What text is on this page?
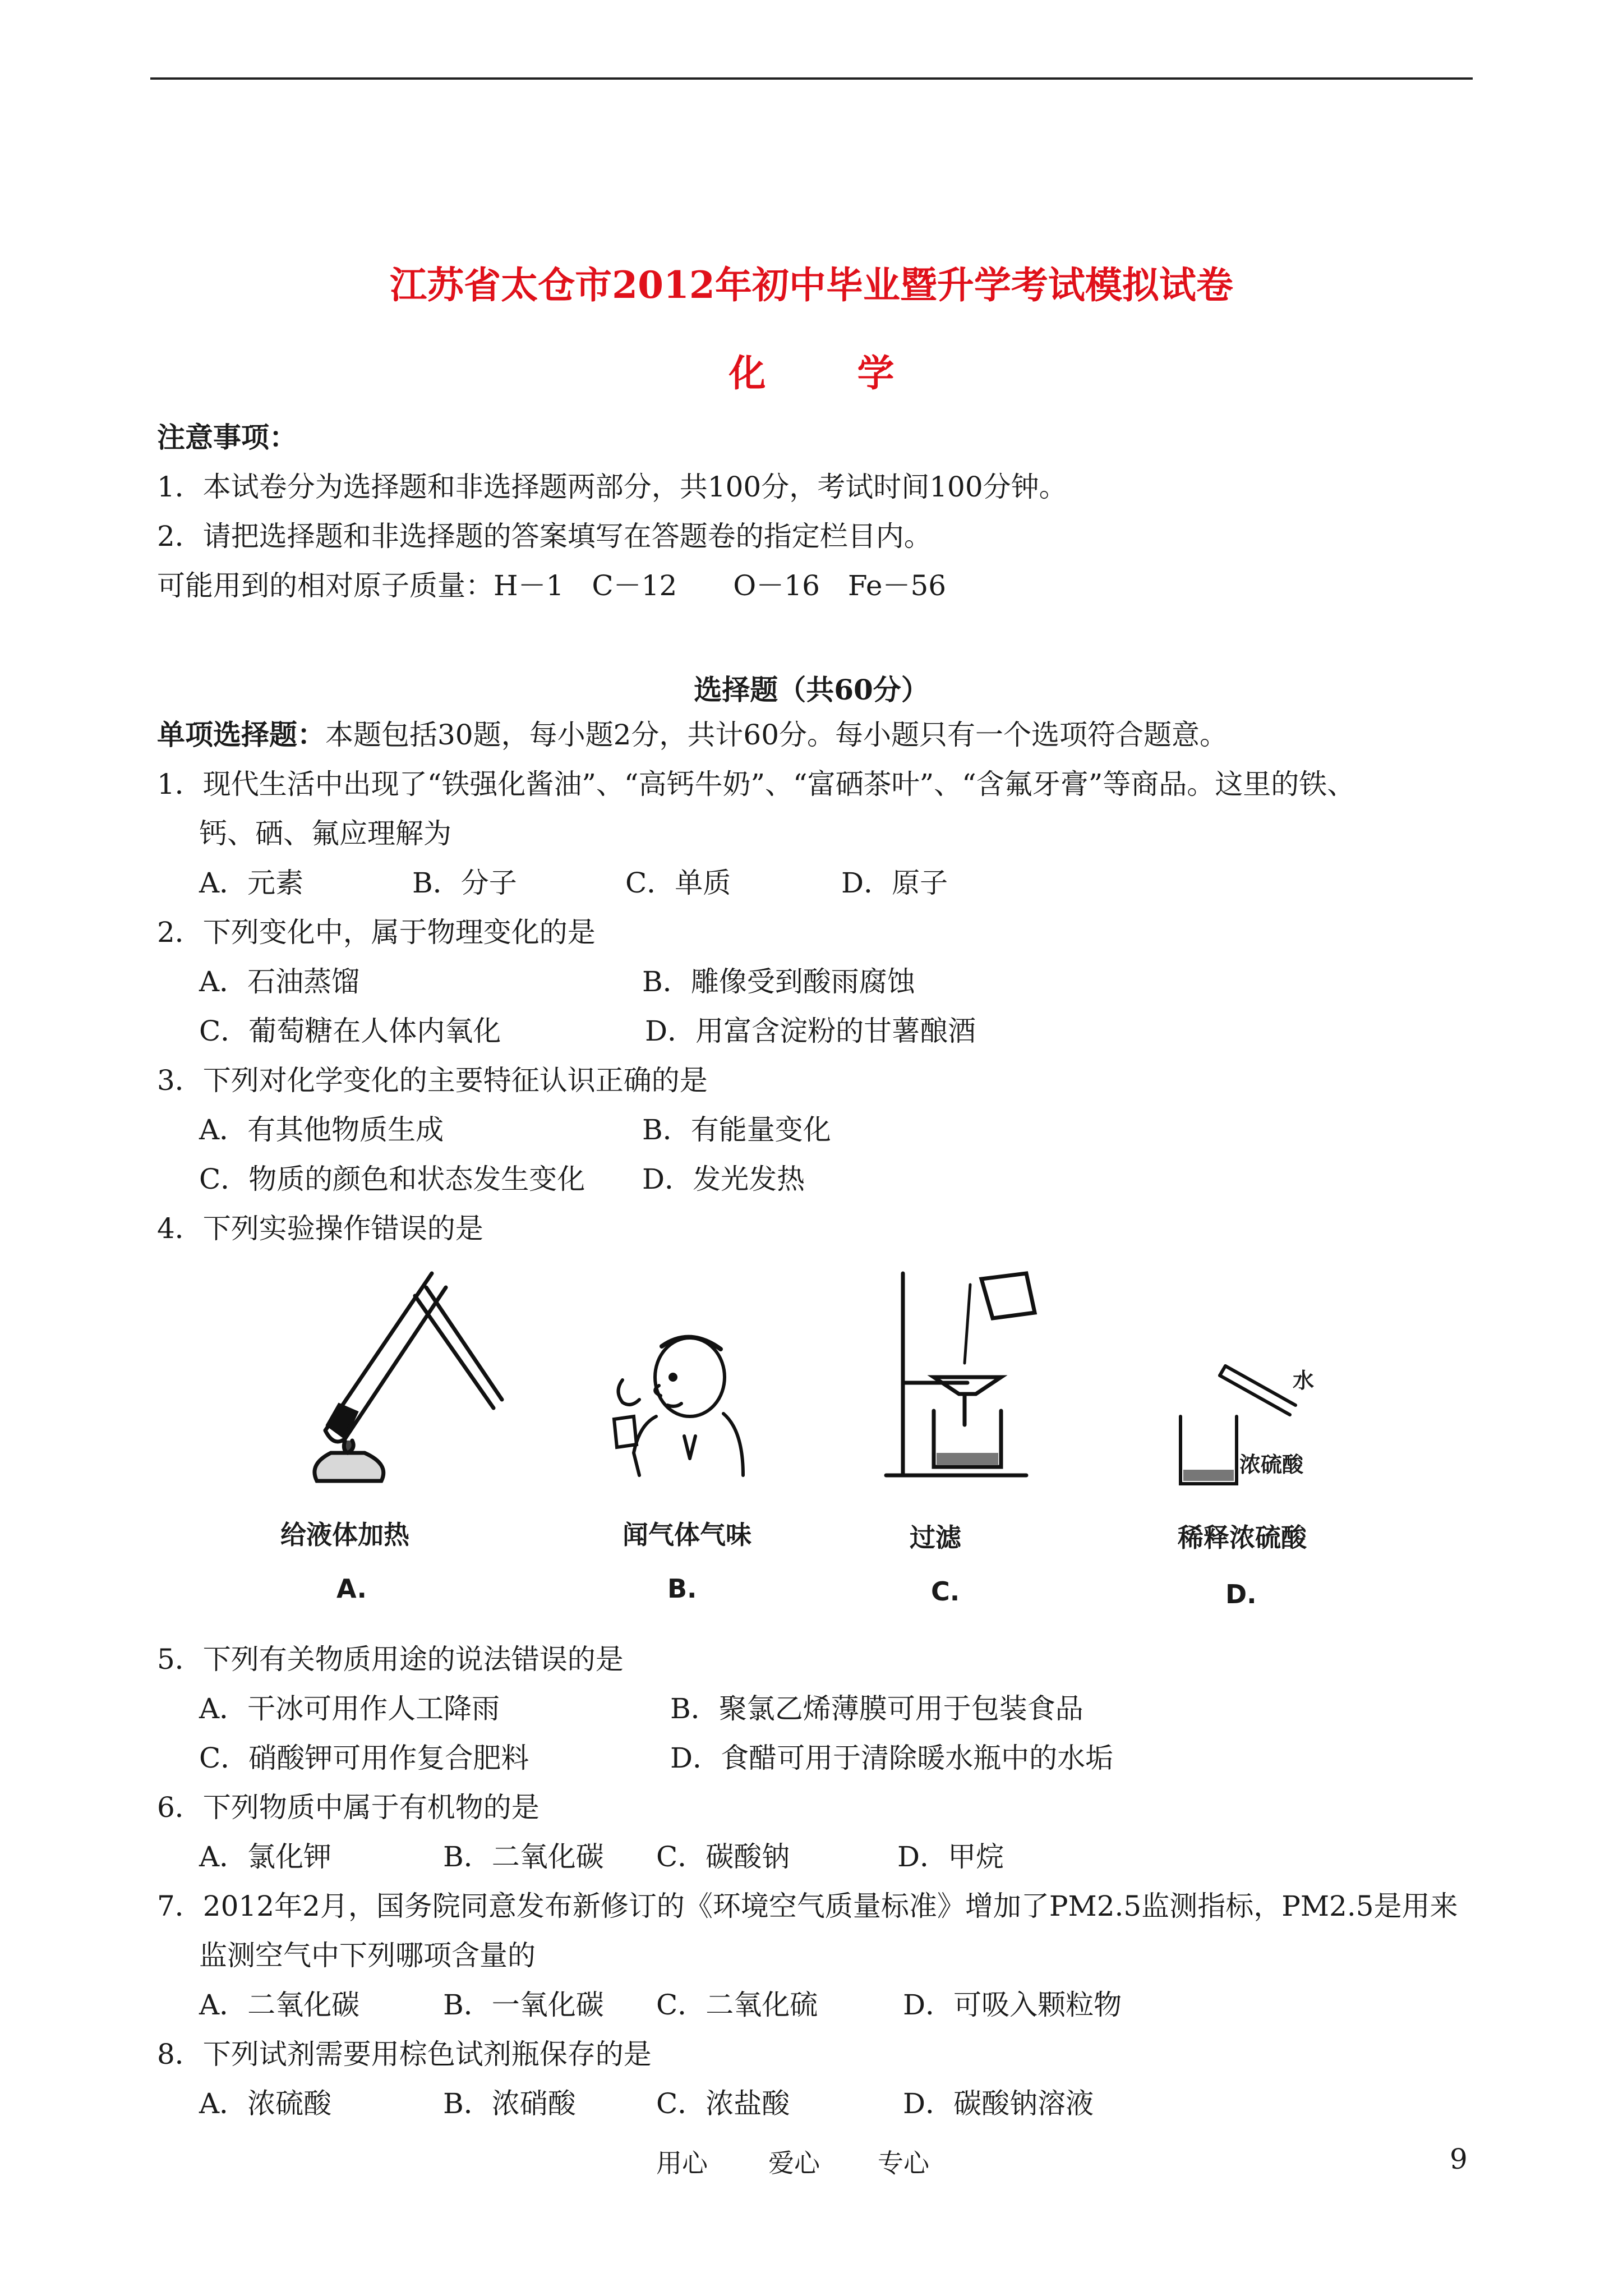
江苏省太仓市2012年初中毕业暨升学考试模拟试卷
化 学
注意事项：
1．本试卷分为选择题和非选择题两部分，共100分，考试时间100分钟。
2．请把选择题和非选择题的答案填写在答题卷的指定栏目内。
可能用到的相对原子质量：H－1　C－12　　O－16　Fe－56
选择题（共60分）
单项选择题：本题包括30题，每小题2分，共计60分。每小题只有一个选项符合题意。
1．现代生活中出现了“铁强化酱油”、“高钙牛奶”、“富硒茶叶”、“含氟牙膏”等商品。这里的铁、
钙、硒、氟应理解为
A．元素	B．分子	C．单质	D．原子
2．下列变化中，属于物理变化的是
A．石油蒸馏	B．雕像受到酸雨腐蚀
C．葡萄糖在人体内氧化	D．用富含淀粉的甘薯酿酒
3．下列对化学变化的主要特征认识正确的是
A．有其他物质生成	B．有能量变化
C．物质的颜色和状态发生变化 D．发光发热
4．下列实验操作错误的是
给液体加热
A.
闻气体气味
B.
过滤
C.
水
浓硫酸
稀释浓硫酸
D.
5．下列有关物质用途的说法错误的是
A．干冰可用作人工降雨	B．聚氯乙烯薄膜可用于包装食品
C．硝酸钾可用作复合肥料	D．食醋可用于清除暖水瓶中的水垢
6．下列物质中属于有机物的是
A．氯化钾	B．二氧化碳 C．碳酸钠	D．甲烷
7．2012年2月，国务院同意发布新修订的《环境空气质量标准》增加了PM2.5监测指标，PM2.5是用来
监测空气中下列哪项含量的
A．二氧化碳	B．一氧化碳 C．二氧化硫	D．可吸入颗粒物
8．下列试剂需要用棕色试剂瓶保存的是
A．浓硫酸	B．浓硝酸	C．浓盐酸	D．碳酸钠溶液
用心 爱心 专心	9
